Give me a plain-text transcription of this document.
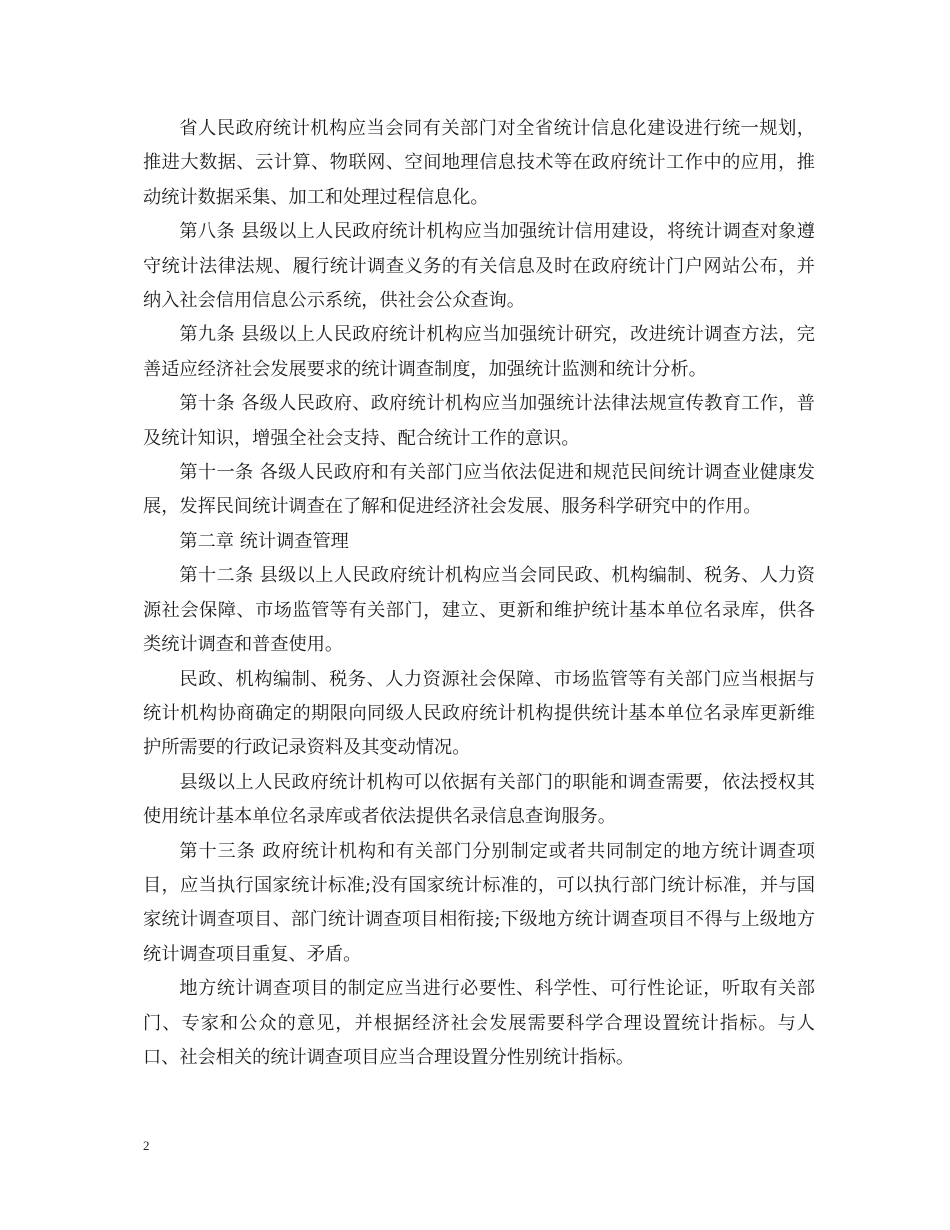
省人民政府统计机构应当会同有关部门对全省统计信息化建设进行统一规划，推进大数据、云计算、物联网、空间地理信息技术等在政府统计工作中的应用，推动统计数据采集、加工和处理过程信息化。

第八条 县级以上人民政府统计机构应当加强统计信用建设，将统计调查对象遵守统计法律法规、履行统计调查义务的有关信息及时在政府统计门户网站公布，并纳入社会信用信息公示系统，供社会公众查询。

第九条 县级以上人民政府统计机构应当加强统计研究，改进统计调查方法，完善适应经济社会发展要求的统计调查制度，加强统计监测和统计分析。

第十条 各级人民政府、政府统计机构应当加强统计法律法规宣传教育工作，普及统计知识，增强全社会支持、配合统计工作的意识。

第十一条 各级人民政府和有关部门应当依法促进和规范民间统计调查业健康发展，发挥民间统计调查在了解和促进经济社会发展、服务科学研究中的作用。

第二章 统计调查管理

第十二条 县级以上人民政府统计机构应当会同民政、机构编制、税务、人力资源社会保障、市场监管等有关部门，建立、更新和维护统计基本单位名录库，供各类统计调查和普查使用。

民政、机构编制、税务、人力资源社会保障、市场监管等有关部门应当根据与统计机构协商确定的期限向同级人民政府统计机构提供统计基本单位名录库更新维护所需要的行政记录资料及其变动情况。

县级以上人民政府统计机构可以依据有关部门的职能和调查需要，依法授权其使用统计基本单位名录库或者依法提供名录信息查询服务。

第十三条 政府统计机构和有关部门分别制定或者共同制定的地方统计调查项目，应当执行国家统计标准;没有国家统计标准的，可以执行部门统计标准，并与国家统计调查项目、部门统计调查项目相衔接;下级地方统计调查项目不得与上级地方统计调查项目重复、矛盾。

地方统计调查项目的制定应当进行必要性、科学性、可行性论证，听取有关部门、专家和公众的意见，并根据经济社会发展需要科学合理设置统计指标。与人口、社会相关的统计调查项目应当合理设置分性别统计指标。

2
